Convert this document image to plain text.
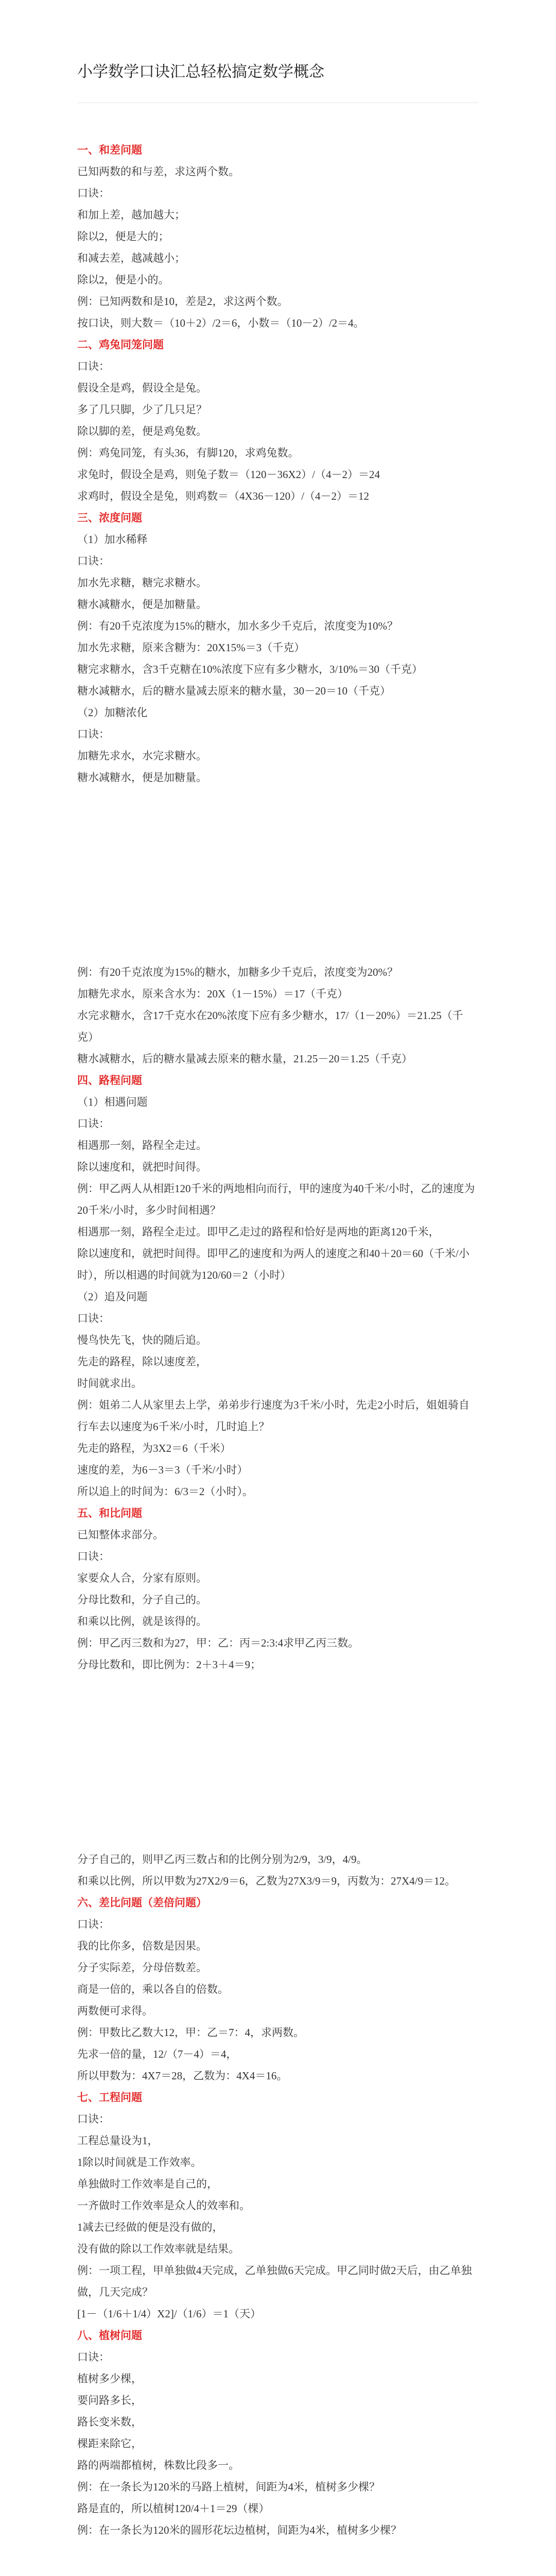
小学数学口诀汇总轻松搞定数学概念
一、和差问题

已知两数的和与差，求这两个数。

口诀：

和加上差，越加越大；

除以2，便是大的；

和减去差，越减越小；

除以2，便是小的。

例：已知两数和是10，差是2，求这两个数。

按口诀，则大数＝（10＋2）/2＝6，小数＝（10－2）/2＝4。

二、鸡兔同笼问题

口诀：

假设全是鸡，假设全是兔。

多了几只脚，少了几只足？

除以脚的差，便是鸡兔数。

例：鸡兔同笼，有头36，有脚120，求鸡兔数。

求兔时，假设全是鸡，则兔子数＝（120－36X2）/（4－2）＝24

求鸡时，假设全是兔，则鸡数＝（4X36－120）/（4－2）＝12

三、浓度问题
（1）加水稀释

口诀：

加水先求糖，糖完求糖水。

糖水减糖水，便是加糖量。

例：有20千克浓度为15%的糖水，加水多少千克后，浓度变为10%？

加水先求糖，原来含糖为：20X15%＝3（千克）

糖完求糖水，含3千克糖在10%浓度下应有多少糖水，3/10%＝30（千克）

糖水减糖水，后的糖水量减去原来的糖水量，30－20＝10（千克）

（2）加糖浓化

口诀：

加糖先求水，水完求糖水。

糖水减糖水，便是加糖量。

例：有20千克浓度为15%的糖水，加糖多少千克后，浓度变为20%？

加糖先求水，原来含水为：20X（1－15%）＝17（千克）

水完求糖水，含17千克水在20%浓度下应有多少糖水，17/（1－20%）＝21.25（千克）

糖水减糖水，后的糖水量减去原来的糖水量，21.25－20＝1.25（千克）

四、路程问题
（1）相遇问题

口诀：

相遇那一刻，路程全走过。

除以速度和，就把时间得。

例：甲乙两人从相距120千米的两地相向而行，甲的速度为40千米/小时，乙的速度为20千米/小时，多少时间相遇？

相遇那一刻，路程全走过。即甲乙走过的路程和恰好是两地的距离120千米，

除以速度和，就把时间得。即甲乙的速度和为两人的速度之和40＋20＝60（千米/小时），所以相遇的时间就为120/60＝2（小时）

（2）追及问题

口诀：

慢鸟快先飞，快的随后追。

先走的路程，除以速度差，

时间就求出。

例：姐弟二人从家里去上学，弟弟步行速度为3千米/小时，先走2小时后，姐姐骑自行车去以速度为6千米/小时，几时追上？

先走的路程，为3X2＝6（千米）

速度的差，为6－3＝3（千米/小时）

所以追上的时间为：6/3＝2（小时）。

五、和比问题

已知整体求部分。

口诀：

家要众人合，分家有原则。

分母比数和，分子自己的。

和乘以比例，就是该得的。

例：甲乙丙三数和为27，甲：乙：丙＝2:3:4求甲乙丙三数。

分母比数和，即比例为：2＋3＋4＝9；

分子自己的，则甲乙丙三数占和的比例分别为2/9，3/9，4/9。

和乘以比例，所以甲数为27X2/9＝6，乙数为27X3/9＝9，丙数为：27X4/9＝12。

六、差比问题（差倍问题）

口诀：

我的比你多，倍数是因果。

分子实际差，分母倍数差。

商是一倍的，乘以各自的倍数。

两数便可求得。

例：甲数比乙数大12，甲：乙＝7：4，求两数。

先求一倍的量，12/（7－4）＝4，

所以甲数为：4X7＝28，乙数为：4X4＝16。

七、工程问题

口诀：

工程总量设为1，

1除以时间就是工作效率。

单独做时工作效率是自己的，

一齐做时工作效率是众人的效率和。

1减去已经做的便是没有做的，

没有做的除以工作效率就是结果。

例：一项工程，甲单独做4天完成，乙单独做6天完成。甲乙同时做2天后，由乙单独做，几天完成？

[1－（1/6＋1/4）X2]/（1/6）＝1（天）

八、植树问题

口诀：

植树多少棵，

要问路多长，

路长变米数，

棵距来除它，

路的两端都植树，株数比段多一。

例：在一条长为120米的马路上植树，间距为4米，植树多少棵？

路是直的，所以植树120/4＋1＝29（棵）

例：在一条长为120米的圆形花坛边植树，间距为4米，植树多少棵？
